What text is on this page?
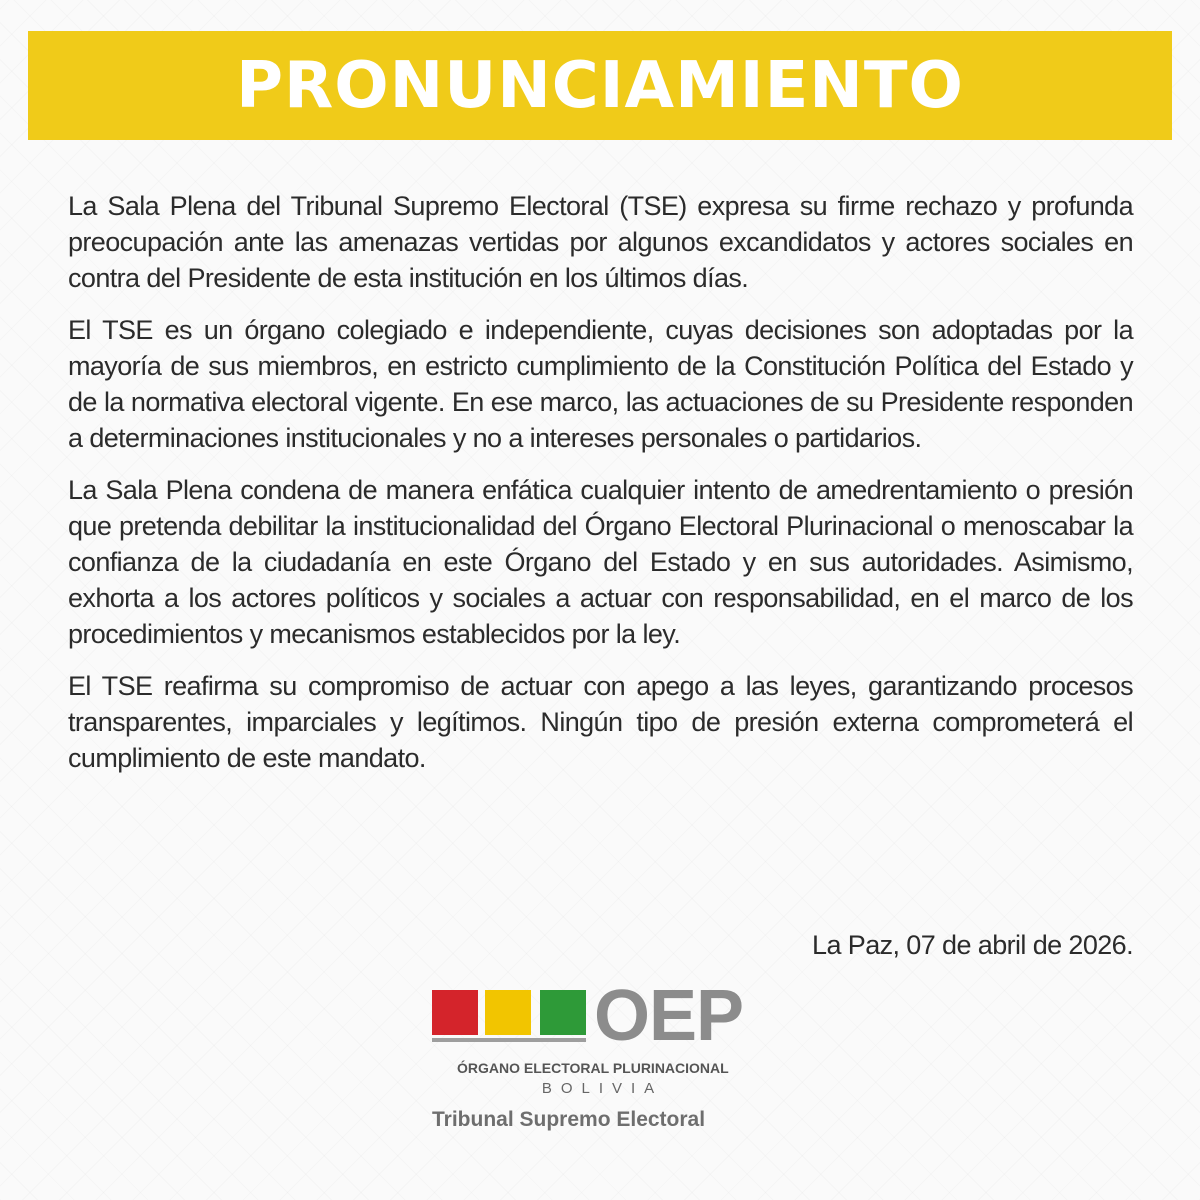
PRONUNCIAMIENTO

La Sala Plena del Tribunal Supremo Electoral (TSE) expresa su firme rechazo y profunda preocupación ante las amenazas vertidas por algunos excandidatos y actores sociales en contra del Presidente de esta institución en los últimos días.

El TSE es un órgano colegiado e independiente, cuyas decisiones son adoptadas por la mayoría de sus miembros, en estricto cumplimiento de la Constitución Política del Estado y de la normativa electoral vigente. En ese marco, las actuaciones de su Presidente responden a determinaciones institucionales y no a intereses personales o partidarios.

La Sala Plena condena de manera enfática cualquier intento de amedrentamiento o presión que pretenda debilitar la institucionalidad del Órgano Electoral Plurinacional o menoscabar la confianza de la ciudadanía en este Órgano del Estado y en sus autoridades. Asimismo, exhorta a los actores políticos y sociales a actuar con responsabilidad, en el marco de los procedimientos y mecanismos establecidos por la ley.

El TSE reafirma su compromiso de actuar con apego a las leyes, garantizando procesos transparentes, imparciales y legítimos. Ningún tipo de presión externa comprometerá el cumplimiento de este mandato.

La Paz, 07 de abril de 2026.
OEP
ÓRGANO ELECTORAL PLURINACIONAL
BOLIVIA
Tribunal Supremo Electoral
